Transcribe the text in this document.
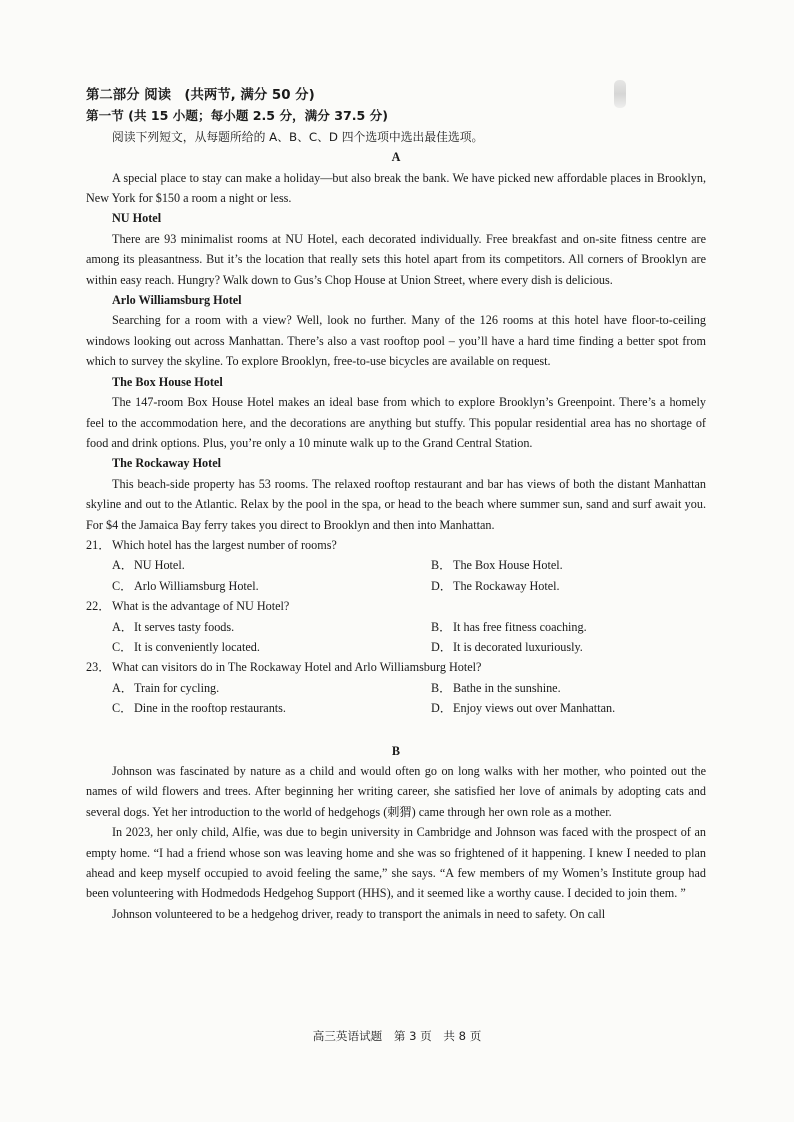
第二部分 阅读　(共两节, 满分 50 分)
第一节 (共 15 小题；每小题 2.5 分，满分 37.5 分)

阅读下列短文，从每题所给的 A、B、C、D 四个选项中选出最佳选项。

A

A special place to stay can make a holiday—but also break the bank. We have picked new affordable places in Brooklyn, New York for $150 a room a night or less.

NU Hotel

There are 93 minimalist rooms at NU Hotel, each decorated individually. Free breakfast and on-site fitness centre are among its pleasantness. But it’s the location that really sets this hotel apart from its competitors. All corners of Brooklyn are within easy reach. Hungry? Walk down to Gus’s Chop House at Union Street, where every dish is delicious.

Arlo Williamsburg Hotel

Searching for a room with a view? Well, look no further. Many of the 126 rooms at this hotel have floor-to-ceiling windows looking out across Manhattan. There’s also a vast rooftop pool – you’ll have a hard time finding a better spot from which to survey the skyline. To explore Brooklyn, free-to-use bicycles are available on request.

The Box House Hotel

The 147-room Box House Hotel makes an ideal base from which to explore Brooklyn’s Greenpoint. There’s a homely feel to the accommodation here, and the decorations are anything but stuffy. This popular residential area has no shortage of food and drink options. Plus, you’re only a 10 minute walk up to the Grand Central Station.

The Rockaway Hotel

This beach-side property has 53 rooms. The relaxed rooftop restaurant and bar has views of both the distant Manhattan skyline and out to the Atlantic. Relax by the pool in the spa, or head to the beach where summer sun, sand and surf await you. For $4 the Jamaica Bay ferry takes you direct to Brooklyn and then into Manhattan.

21． Which hotel has the largest number of rooms?
A． NU Hotel.	B． The Box House Hotel.
C． Arlo Williamsburg Hotel.	D． The Rockaway Hotel.
22． What is the advantage of NU Hotel?
A． It serves tasty foods.	B． It has free fitness coaching.
C． It is conveniently located.	D． It is decorated luxuriously.
23． What can visitors do in The Rockaway Hotel and Arlo Williamsburg Hotel?
A． Train for cycling.	B． Bathe in the sunshine.
C． Dine in the rooftop restaurants.	D． Enjoy views out over Manhattan.
B

Johnson was fascinated by nature as a child and would often go on long walks with her mother, who pointed out the names of wild flowers and trees. After beginning her writing career, she satisfied her love of animals by adopting cats and several dogs. Yet her introduction to the world of hedgehogs (刺猬) came through her own role as a mother.

In 2023, her only child, Alfie, was due to begin university in Cambridge and Johnson was faced with the prospect of an empty home. “I had a friend whose son was leaving home and she was so frightened of it happening. I knew I needed to plan ahead and keep myself occupied to avoid feeling the same,” she says. “A few members of my Women’s Institute group had been volunteering with Hodmedods Hedgehog Support (HHS), and it seemed like a worthy cause. I decided to join them. ”

Johnson volunteered to be a hedgehog driver, ready to transport the animals in need to safety. On call

高三英语试题　第 3 页　共 8 页
